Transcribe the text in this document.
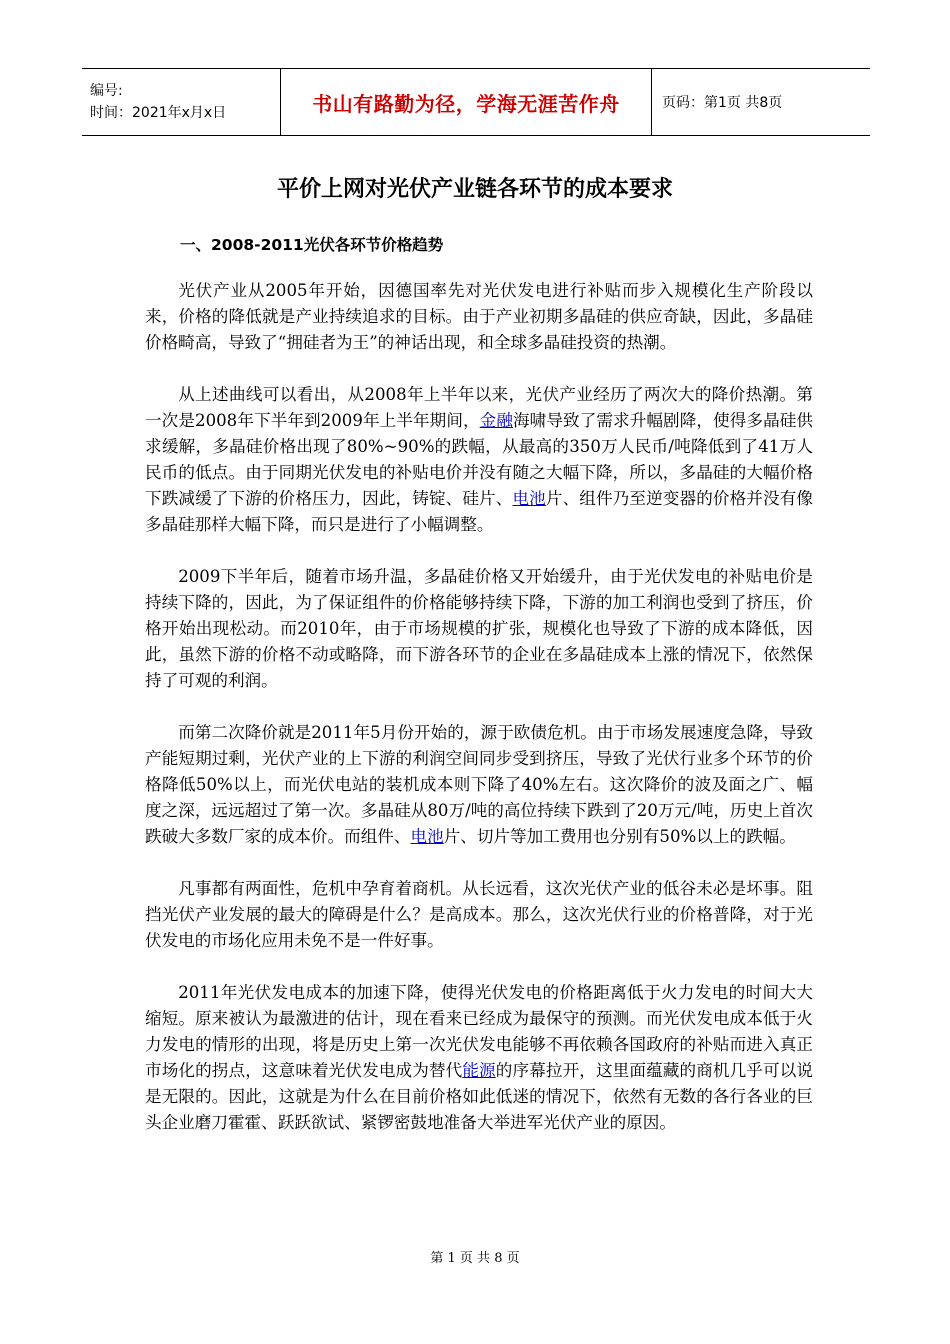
编号:
时间：2021年x月x日	书山有路勤为径，学海无涯苦作舟	页码：第1页 共8页
平价上网对光伏产业链各环节的成本要求
一、2008-2011光伏各环节价格趋势

光伏产业从2005年开始，因德国率先对光伏发电进行补贴而步入规模化生产阶段以来，价格的降低就是产业持续追求的目标。由于产业初期多晶硅的供应奇缺，因此，多晶硅价格畸高，导致了“拥硅者为王”的神话出现，和全球多晶硅投资的热潮。

从上述曲线可以看出，从2008年上半年以来，光伏产业经历了两次大的降价热潮。第一次是2008年下半年到2009年上半年期间，金融海啸导致了需求升幅剧降，使得多晶硅供求缓解，多晶硅价格出现了80%~90%的跌幅，从最高的350万人民币/吨降低到了41万人民币的低点。由于同期光伏发电的补贴电价并没有随之大幅下降，所以，多晶硅的大幅价格下跌减缓了下游的价格压力，因此，铸锭、硅片、电池片、组件乃至逆变器的价格并没有像多晶硅那样大幅下降，而只是进行了小幅调整。

2009下半年后，随着市场升温，多晶硅价格又开始缓升，由于光伏发电的补贴电价是持续下降的，因此，为了保证组件的价格能够持续下降，下游的加工利润也受到了挤压，价格开始出现松动。而2010年，由于市场规模的扩张，规模化也导致了下游的成本降低，因此，虽然下游的价格不动或略降，而下游各环节的企业在多晶硅成本上涨的情况下，依然保持了可观的利润。

而第二次降价就是2011年5月份开始的，源于欧债危机。由于市场发展速度急降，导致产能短期过剩，光伏产业的上下游的利润空间同步受到挤压，导致了光伏行业多个环节的价格降低50%以上，而光伏电站的装机成本则下降了40%左右。这次降价的波及面之广、幅度之深，远远超过了第一次。多晶硅从80万/吨的高位持续下跌到了20万元/吨，历史上首次跌破大多数厂家的成本价。而组件、电池片、切片等加工费用也分别有50%以上的跌幅。

凡事都有两面性，危机中孕育着商机。从长远看，这次光伏产业的低谷未必是坏事。阻挡光伏产业发展的最大的障碍是什么？是高成本。那么，这次光伏行业的价格普降，对于光伏发电的市场化应用未免不是一件好事。

2011年光伏发电成本的加速下降，使得光伏发电的价格距离低于火力发电的时间大大缩短。原来被认为最激进的估计，现在看来已经成为最保守的预测。而光伏发电成本低于火力发电的情形的出现，将是历史上第一次光伏发电能够不再依赖各国政府的补贴而进入真正市场化的拐点，这意味着光伏发电成为替代能源的序幕拉开，这里面蕴藏的商机几乎可以说是无限的。因此，这就是为什么在目前价格如此低迷的情况下，依然有无数的各行各业的巨头企业磨刀霍霍、跃跃欲试、紧锣密鼓地准备大举进军光伏产业的原因。

第 1 页 共 8 页
